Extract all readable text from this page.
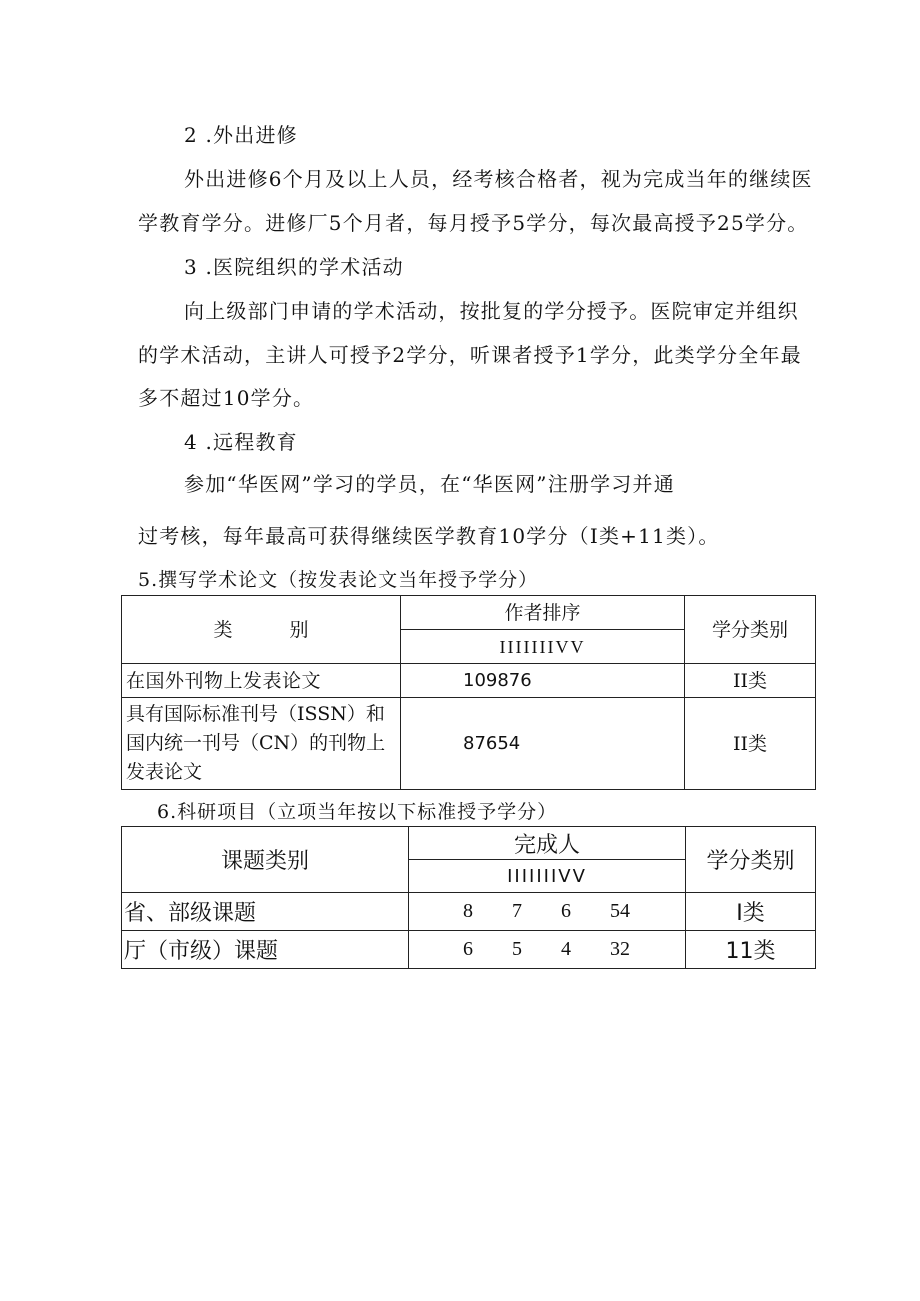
2 .外出进修
外出进修6个月及以上人员，经考核合格者，视为完成当年的继续医
学教育学分。进修厂5个月者，每月授予5学分，每次最高授予25学分。
3 .医院组织的学术活动
向上级部门申请的学术活动，按批复的学分授予。医院审定并组织
的学术活动，主讲人可授予2学分，听课者授予1学分，此类学分全年最
多不超过10学分。
4 .远程教育
参加“华医网”学习的学员，在“华医网”注册学习并通
过考核，每年最高可获得继续医学教育10学分（I类+11类）。
5.撰写学术论文（按发表论文当年授予学分）
类　　　别	作者排序	学分类别
	IIIIIIIVV	
在国外刊物上发表论文	109876	II类

具有国际标准刊号（ISSN）和
国内统一刊号（CN）的刊物上
发表论文	87654	II类
6.科研项目（立项当年按以下标准授予学分）
课题类别	完成人	学分类别
	IIIIIIIVV	
省、部级课题	8 7 6 54	Ⅰ类
厅（市级）课题	6 5 4 32	11类
